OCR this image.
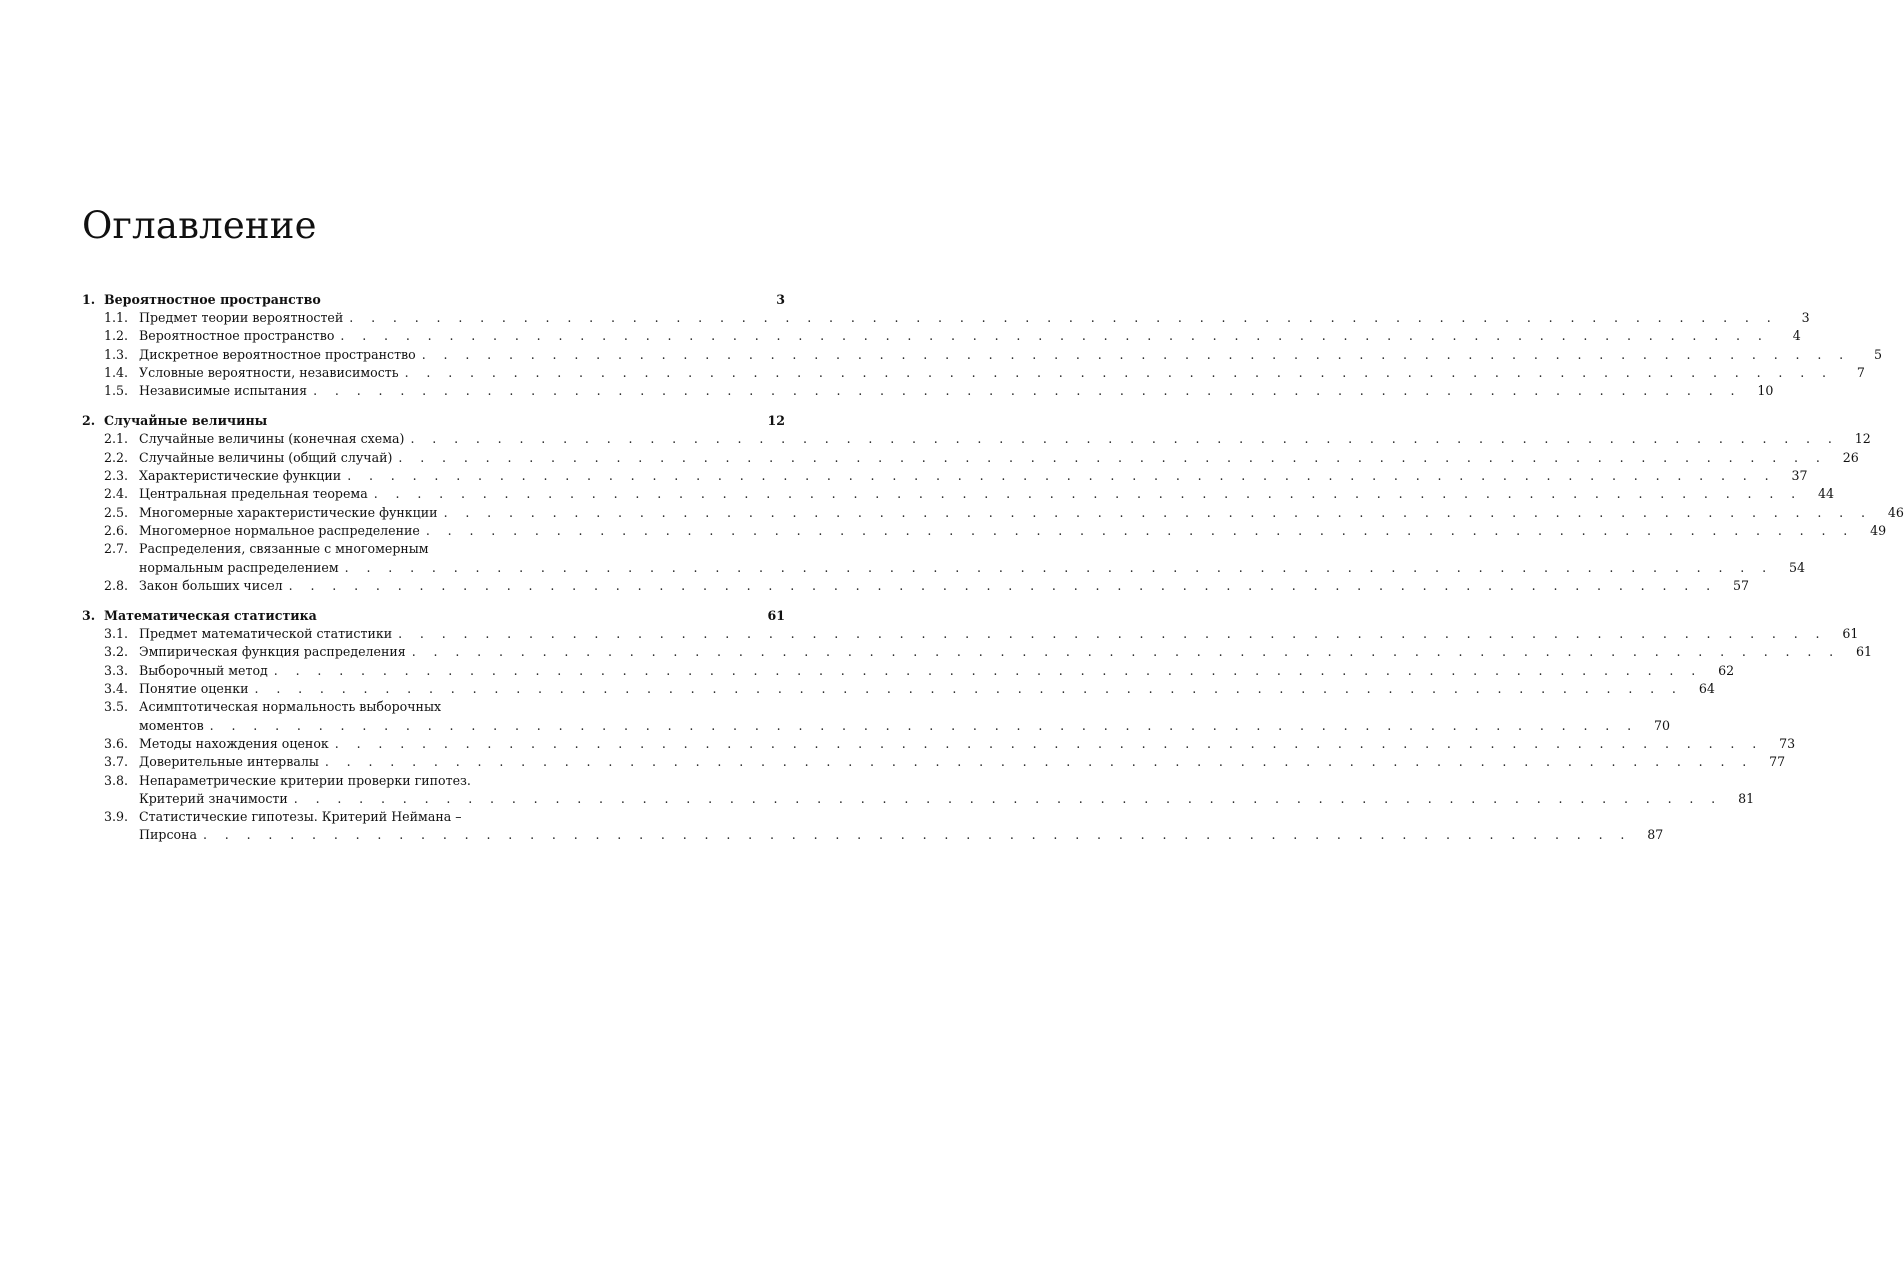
Оглавление
1. Вероятностное пространство	3
1.1. Предмет теории вероятностей . . .	3
1.2. Вероятностное пространство . . .	4
1.3. Дискретное вероятностное пространство . . .	5
1.4. Условные вероятности, независимость . . .	7
1.5. Независимые испытания . . .	10
2. Случайные величины	12
2.1. Случайные величины (конечная схема) . . .	12
2.2. Случайные величины (общий случай) . . .	26
2.3. Характеристические функции . . .	37
2.4. Центральная предельная теорема . . .	44
2.5. Многомерные характеристические функции . . .	46
2.6. Многомерное нормальное распределение . . .	49
2.7. Распределения, связанные с многомерным
нормальным распределением . . .	54
2.8. Закон больших чисел . . .	57
3. Математическая статистика	61
3.1. Предмет математической статистики . . .	61
3.2. Эмпирическая функция распределения . . .	61
3.3. Выборочный метод . . .	62
3.4. Понятие оценки . . .	64
3.5. Асимптотическая нормальность выборочных
моментов . . .	70
3.6. Методы нахождения оценок . . .	73
3.7. Доверительные интервалы . . .	77
3.8. Непараметрические критерии проверки гипотез.
Критерий значимости . . .	81
3.9. Статистические гипотезы. Критерий Неймана –
Пирсона . . .	87
